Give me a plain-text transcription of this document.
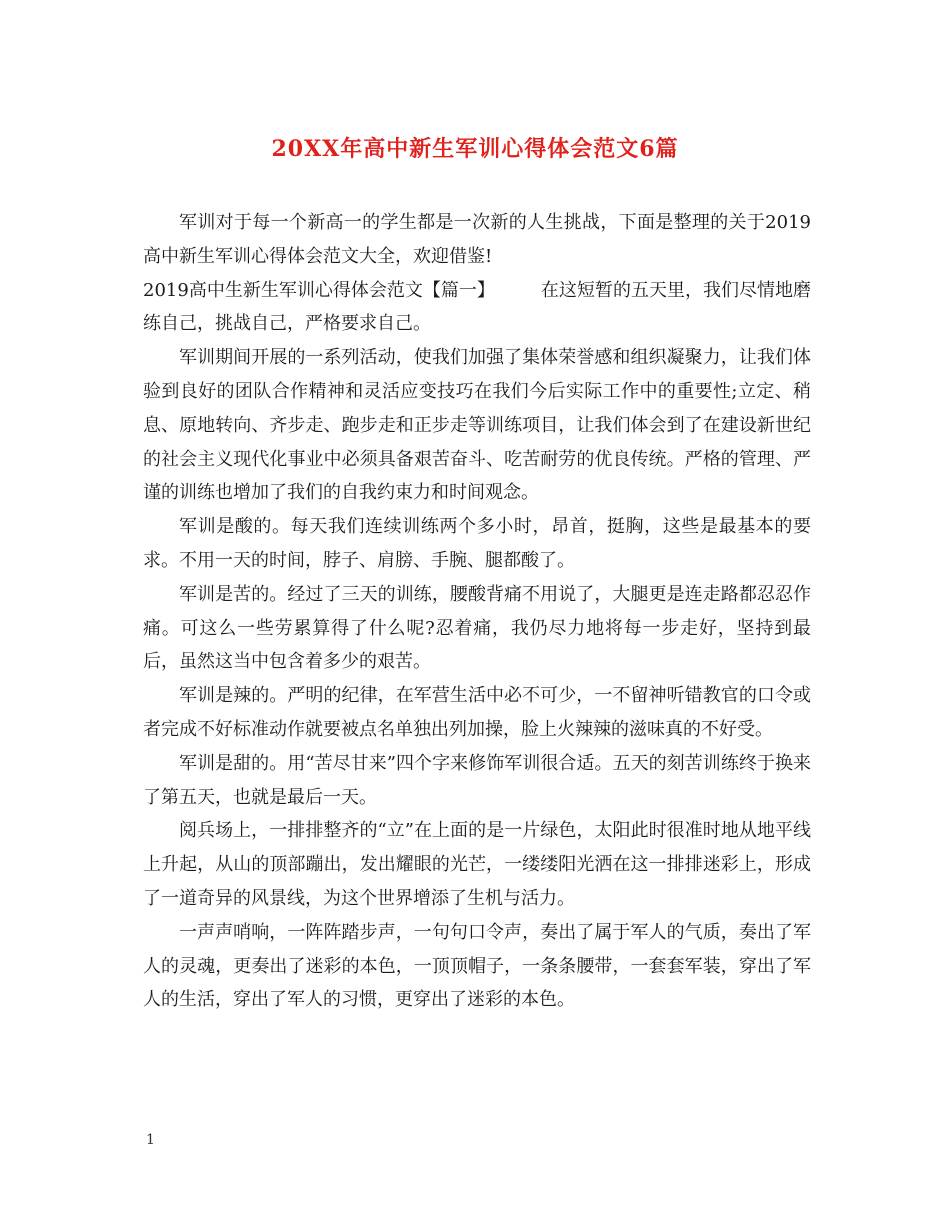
20XX年高中新生军训心得体会范文6篇

军训对于每一个新高一的学生都是一次新的人生挑战，下面是整理的关于2019高中新生军训心得体会范文大全，欢迎借鉴!

2019高中生新生军训心得体会范文【篇一】	在这短暂的五天里，我们尽情地磨练自己，挑战自己，严格要求自己。

军训期间开展的一系列活动，使我们加强了集体荣誉感和组织凝聚力，让我们体验到良好的团队合作精神和灵活应变技巧在我们今后实际工作中的重要性;立定、稍息、原地转向、齐步走、跑步走和正步走等训练项目，让我们体会到了在建设新世纪的社会主义现代化事业中必须具备艰苦奋斗、吃苦耐劳的优良传统。严格的管理、严谨的训练也增加了我们的自我约束力和时间观念。

军训是酸的。每天我们连续训练两个多小时，昂首，挺胸，这些是最基本的要求。不用一天的时间，脖子、肩膀、手腕、腿都酸了。

军训是苦的。经过了三天的训练，腰酸背痛不用说了，大腿更是连走路都忍忍作痛。可这么一些劳累算得了什么呢?忍着痛，我仍尽力地将每一步走好，坚持到最后，虽然这当中包含着多少的艰苦。

军训是辣的。严明的纪律，在军营生活中必不可少，一不留神听错教官的口令或者完成不好标准动作就要被点名单独出列加操，脸上火辣辣的滋味真的不好受。

军训是甜的。用“苦尽甘来”四个字来修饰军训很合适。五天的刻苦训练终于换来了第五天，也就是最后一天。

阅兵场上，一排排整齐的“立”在上面的是一片绿色，太阳此时很准时地从地平线上升起，从山的顶部蹦出，发出耀眼的光芒，一缕缕阳光洒在这一排排迷彩上，形成了一道奇异的风景线，为这个世界增添了生机与活力。

一声声哨响，一阵阵踏步声，一句句口令声，奏出了属于军人的气质，奏出了军人的灵魂，更奏出了迷彩的本色，一顶顶帽子，一条条腰带，一套套军装，穿出了军人的生活，穿出了军人的习惯，更穿出了迷彩的本色。

1
